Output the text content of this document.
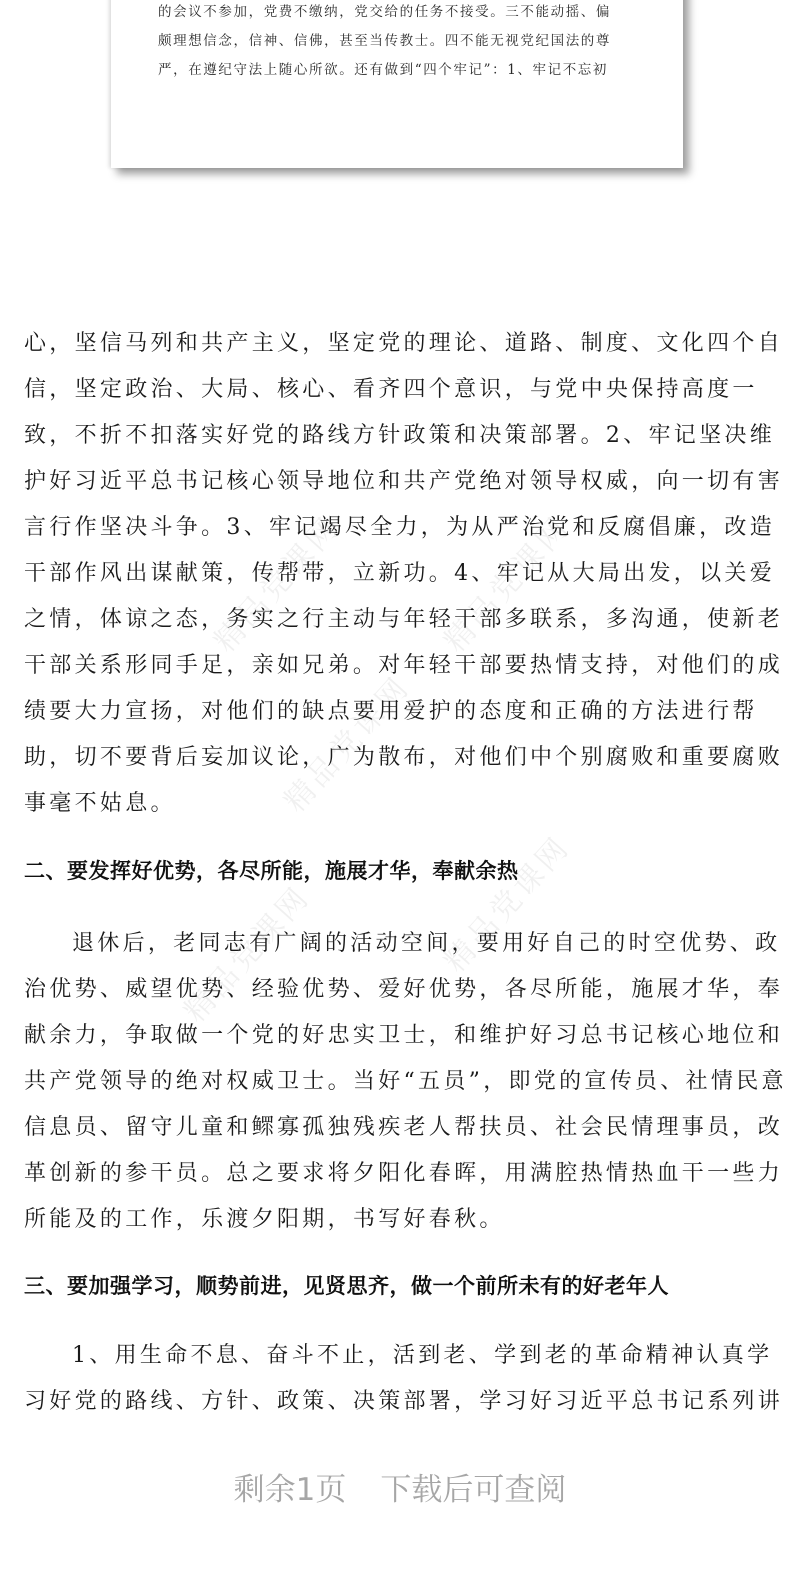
的会议不参加，党费不缴纳，党交给的任务不接受。三不能动摇、偏
颇理想信念，信神、信佛，甚至当传教士。四不能无视党纪国法的尊
严，在遵纪守法上随心所欲。还有做到“四个牢记”：1、牢记不忘初
精品党课网	精品党课网
精品党课网
精品党课网	精品党课网
心，坚信马列和共产主义，坚定党的理论、道路、制度、文化四个自
信，坚定政治、大局、核心、看齐四个意识，与党中央保持高度一
致，不折不扣落实好党的路线方针政策和决策部署。2、牢记坚决维
护好习近平总书记核心领导地位和共产党绝对领导权威，向一切有害
言行作坚决斗争。3、牢记竭尽全力，为从严治党和反腐倡廉，改造
干部作风出谋献策，传帮带，立新功。4、牢记从大局出发，以关爱
之情，体谅之态，务实之行主动与年轻干部多联系，多沟通，使新老
干部关系形同手足，亲如兄弟。对年轻干部要热情支持，对他们的成
绩要大力宣扬，对他们的缺点要用爱护的态度和正确的方法进行帮
助，切不要背后妄加议论，广为散布，对他们中个别腐败和重要腐败
事毫不姑息。
二、要发挥好优势，各尽所能，施展才华，奉献余热
退休后，老同志有广阔的活动空间，要用好自己的时空优势、政
治优势、威望优势、经验优势、爱好优势，各尽所能，施展才华，奉
献余力，争取做一个党的好忠实卫士，和维护好习总书记核心地位和
共产党领导的绝对权威卫士。当好“五员”，即党的宣传员、社情民意
信息员、留守儿童和鳏寡孤独残疾老人帮扶员、社会民情理事员，改
革创新的参干员。总之要求将夕阳化春晖，用满腔热情热血干一些力
所能及的工作，乐渡夕阳期，书写好春秋。
三、要加强学习，顺势前进，见贤思齐，做一个前所未有的好老年人
1、用生命不息、奋斗不止，活到老、学到老的革命精神认真学
习好党的路线、方针、政策、决策部署，学习好习近平总书记系列讲
剩余1页 下载后可查阅
